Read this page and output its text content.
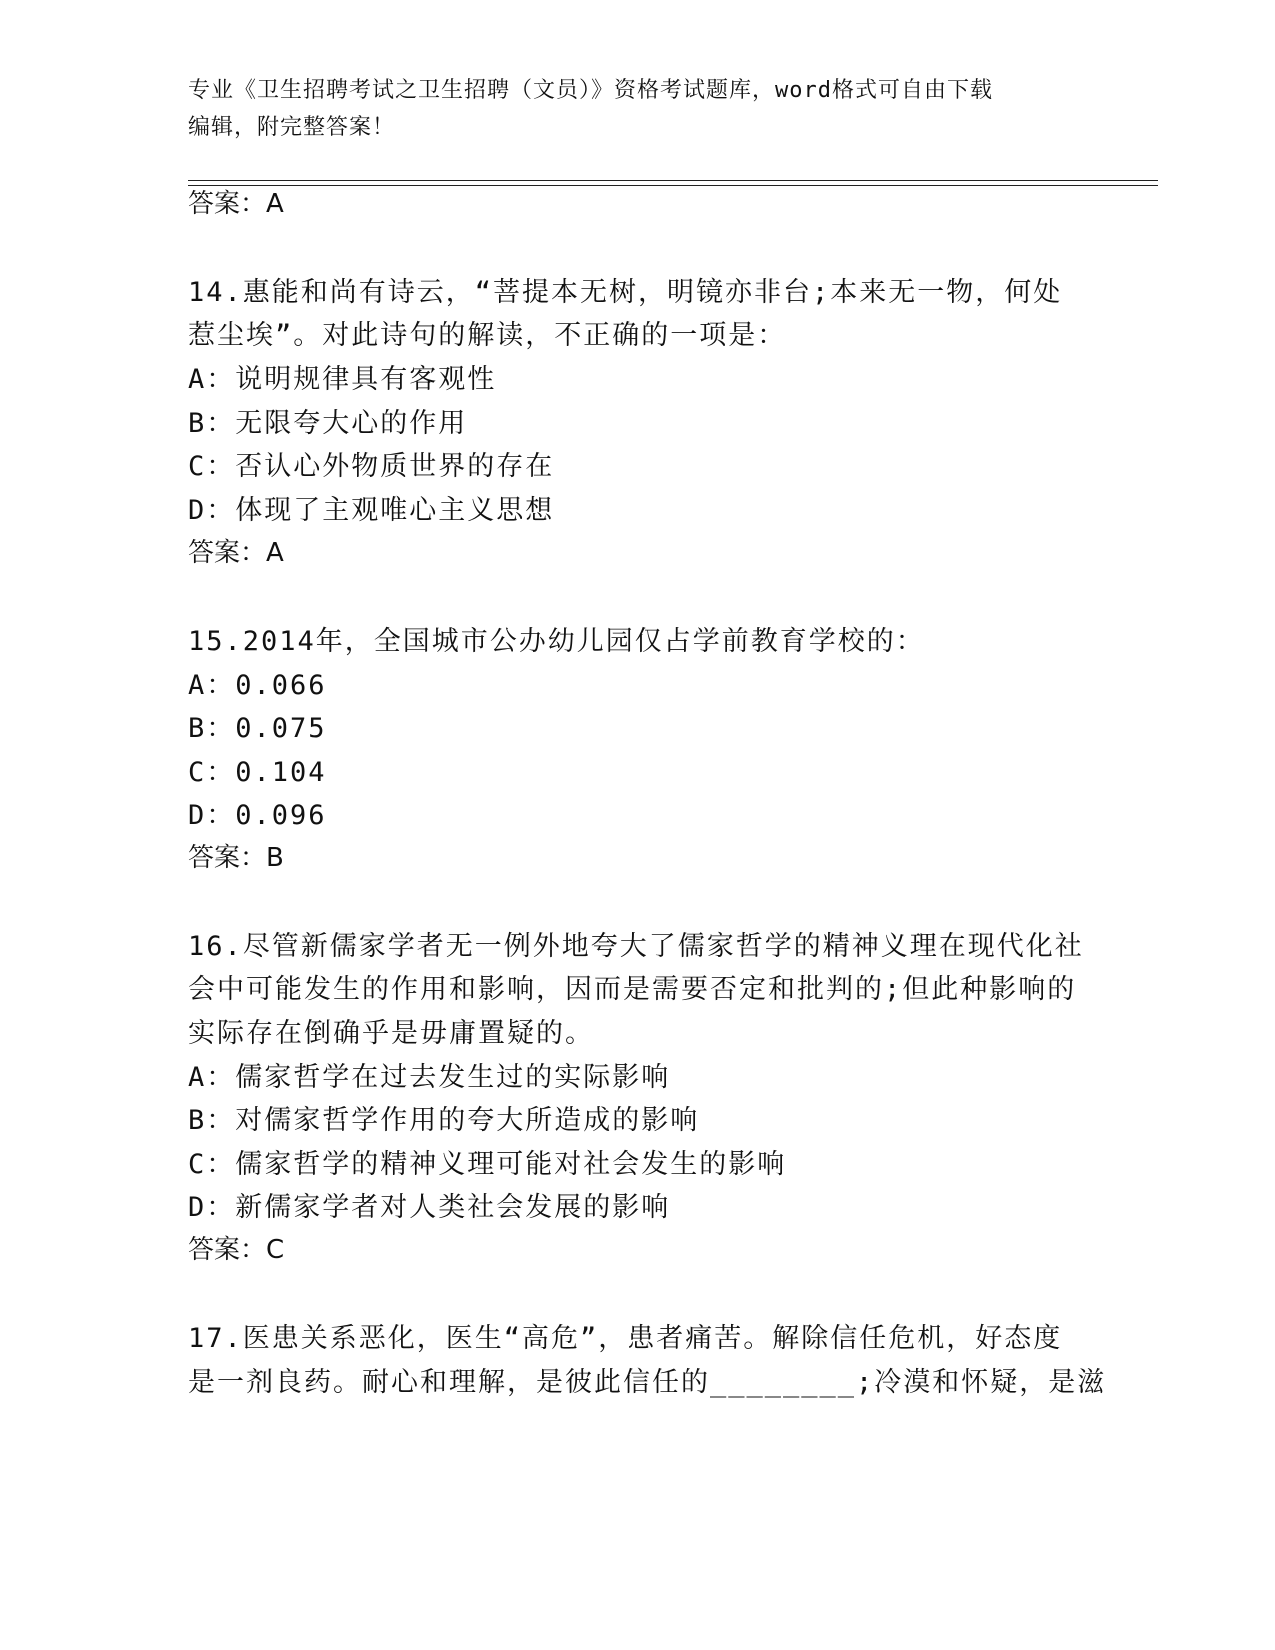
专业《卫生招聘考试之卫生招聘（文员）》资格考试题库，word格式可自由下载
编辑，附完整答案！
答案：A
14.惠能和尚有诗云，“菩提本无树，明镜亦非台;本来无一物，何处
惹尘埃”。对此诗句的解读，不正确的一项是：
A：说明规律具有客观性
B：无限夸大心的作用
C：否认心外物质世界的存在
D：体现了主观唯心主义思想
答案：A
15.2014年，全国城市公办幼儿园仅占学前教育学校的：
A：0.066
B：0.075
C：0.104
D：0.096
答案：B
16.尽管新儒家学者无一例外地夸大了儒家哲学的精神义理在现代化社
会中可能发生的作用和影响，因而是需要否定和批判的;但此种影响的
实际存在倒确乎是毋庸置疑的。
A：儒家哲学在过去发生过的实际影响
B：对儒家哲学作用的夸大所造成的影响
C：儒家哲学的精神义理可能对社会发生的影响
D：新儒家学者对人类社会发展的影响
答案：C
17.医患关系恶化，医生“高危”，患者痛苦。解除信任危机，好态度
是一剂良药。耐心和理解，是彼此信任的________;冷漠和怀疑，是滋
